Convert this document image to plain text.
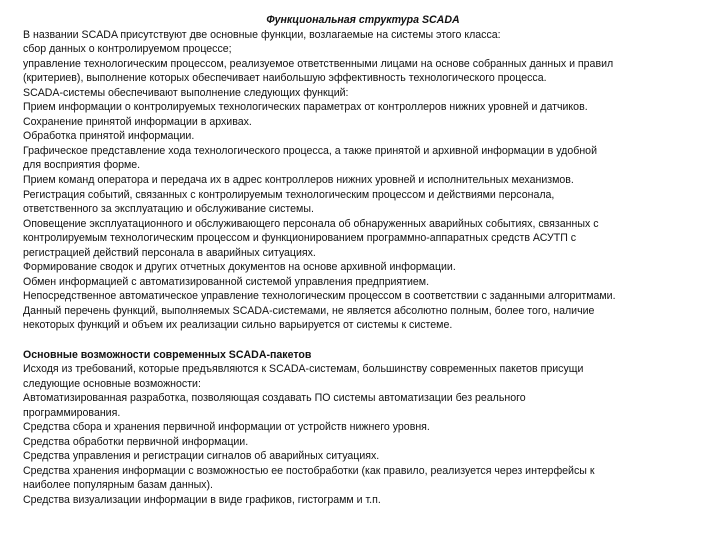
Функциональная структура SCADA

В названии SCADA присутствуют две основные функции, возлагаемые на системы этого класса:

сбор данных о контролируемом процессе;

управление технологическим процессом, реализуемое ответственными лицами на основе собранных данных и правил

(критериев), выполнение которых обеспечивает наибольшую эффективность технологического процесса.

SCADA-системы обеспечивают выполнение следующих функций:

Прием информации о контролируемых технологических параметрах от контроллеров нижних уровней и датчиков.

Сохранение принятой информации в архивах.

Обработка принятой информации.

Графическое представление хода технологического процесса, а также принятой и архивной информации в удобной

для восприятия форме.

Прием команд оператора и передача их в адрес контроллеров нижних уровней и исполнительных механизмов.

Регистрация событий, связанных с контролируемым технологическим процессом и действиями персонала,

ответственного за эксплуатацию и обслуживание системы.

Оповещение эксплуатационного и обслуживающего персонала об обнаруженных аварийных событиях, связанных с

контролируемым технологическим процессом и функционированием программно-аппаратных средств АСУТП с

регистрацией действий персонала в аварийных ситуациях.

Формирование сводок и других отчетных документов на основе архивной информации.

Обмен информацией с автоматизированной системой управления предприятием.

Непосредственное автоматическое управление технологическим процессом в соответствии с заданными алгоритмами.

Данный перечень функций, выполняемых SCADA-системами, не является абсолютно полным, более того, наличие

некоторых функций и объем их реализации сильно варьируется от системы к системе.

Основные возможности современных SCADA-пакетов

Исходя из требований, которые предъявляются к SCADA-системам, большинству современных пакетов присущи

следующие основные возможности:

Автоматизированная разработка, позволяющая создавать ПО системы автоматизации без реального

программирования.

Средства сбора и хранения первичной информации от устройств нижнего уровня.

Средства обработки первичной информации.

Средства управления и регистрации сигналов об аварийных ситуациях.

Средства хранения информации с возможностью ее постобработки (как правило, реализуется через интерфейсы к

наиболее популярным базам данных).

Средства визуализации информации в виде графиков, гистограмм и т.п.
